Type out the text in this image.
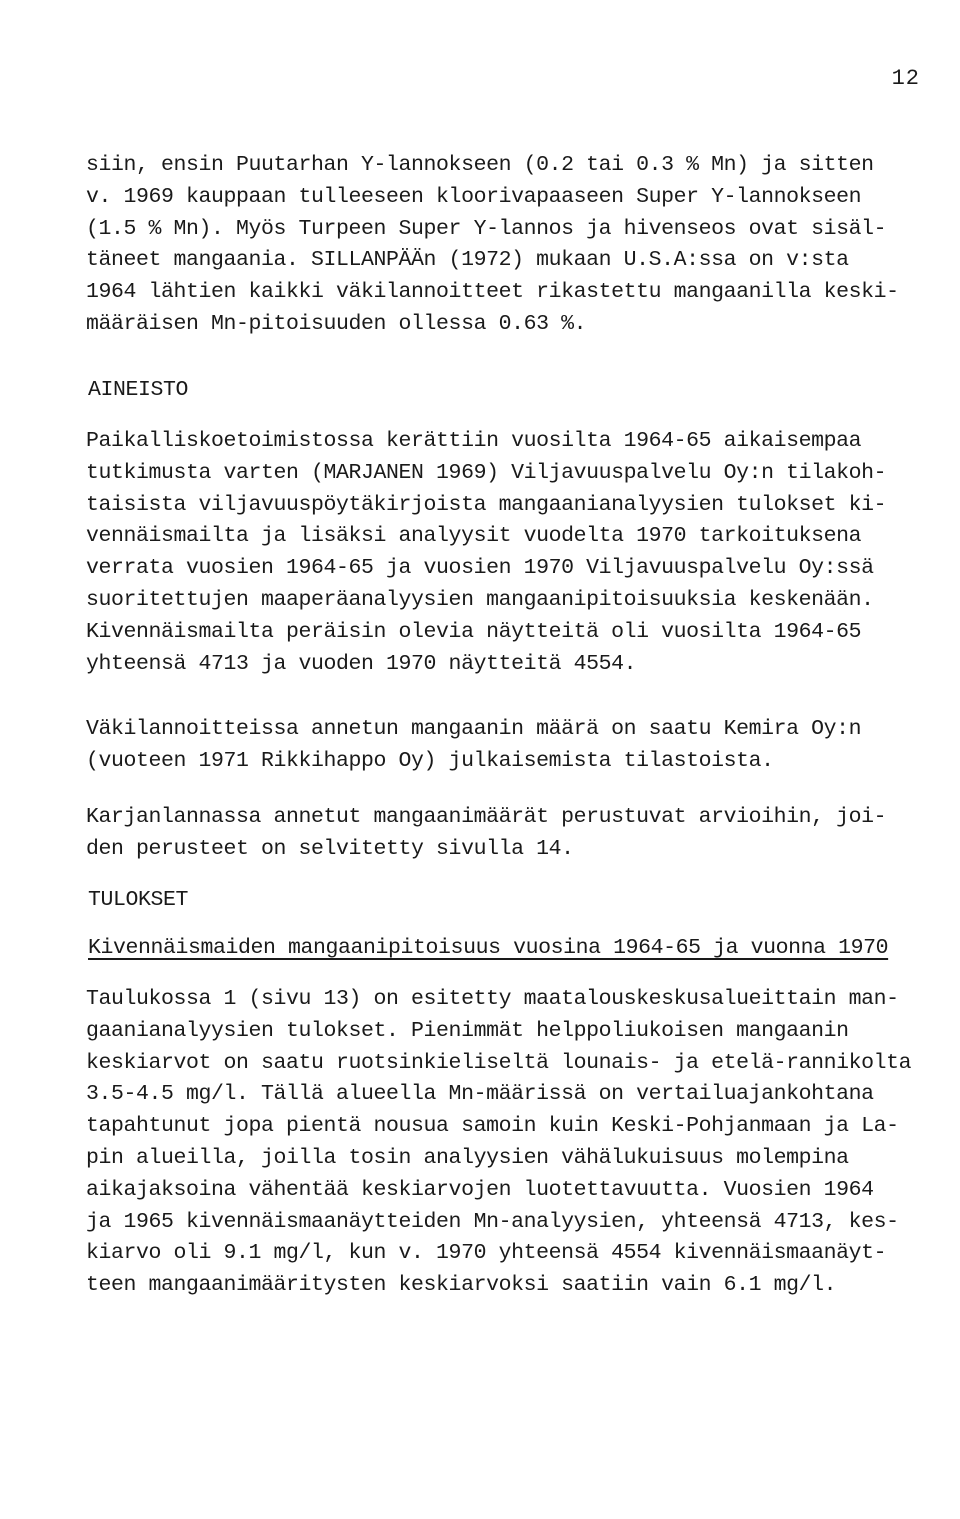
12
siin, ensin Puutarhan Y-lannokseen (0.2 tai 0.3 % Mn) ja sitten
v. 1969 kauppaan tulleeseen kloorivapaaseen Super Y-lannokseen
(1.5 % Mn). Myös Turpeen Super Y-lannos ja hivenseos ovat sisäl-
täneet mangaania. SILLANPÄÄn (1972) mukaan U.S.A:ssa on v:sta
1964 lähtien kaikki väkilannoitteet rikastettu mangaanilla keski-
määräisen Mn-pitoisuuden ollessa 0.63 %.
AINEISTO
Paikalliskoetoimistossa kerättiin vuosilta 1964-65 aikaisempaa
tutkimusta varten (MARJANEN 1969) Viljavuuspalvelu Oy:n tilakoh-
taisista viljavuuspöytäkirjoista mangaanianalyysien tulokset ki-
vennäismailta ja lisäksi analyysit vuodelta 1970 tarkoituksena
verrata vuosien 1964-65 ja vuosien 1970 Viljavuuspalvelu Oy:ssä
suoritettujen maaperäanalyysien mangaanipitoisuuksia keskenään.
Kivennäismailta peräisin olevia näytteitä oli vuosilta 1964-65
yhteensä 4713 ja vuoden 1970 näytteitä 4554.
Väkilannoitteissa annetun mangaanin määrä on saatu Kemira Oy:n
(vuoteen 1971 Rikkihappo Oy) julkaisemista tilastoista.
Karjanlannassa annetut mangaanimäärät perustuvat arvioihin, joi-
den perusteet on selvitetty sivulla 14.
TULOKSET
Kivennäismaiden mangaanipitoisuus vuosina 1964-65 ja vuonna 1970
Taulukossa 1 (sivu 13) on esitetty maatalouskeskusalueittain man-
gaanianalyysien tulokset. Pienimmät helppoliukoisen mangaanin
keskiarvot on saatu ruotsinkieliseltä lounais- ja etelä-rannikolta
3.5-4.5 mg/l. Tällä alueella Mn-määrissä on vertailuajankohtana
tapahtunut jopa pientä nousua samoin kuin Keski-Pohjanmaan ja La-
pin alueilla, joilla tosin analyysien vähälukuisuus molempina
aikajaksoina vähentää keskiarvojen luotettavuutta. Vuosien 1964
ja 1965 kivennäismaanäytteiden Mn-analyysien, yhteensä 4713, kes-
kiarvo oli 9.1 mg/l, kun v. 1970 yhteensä 4554 kivennäismaanäyt-
teen mangaanimääritysten keskiarvoksi saatiin vain 6.1 mg/l.
